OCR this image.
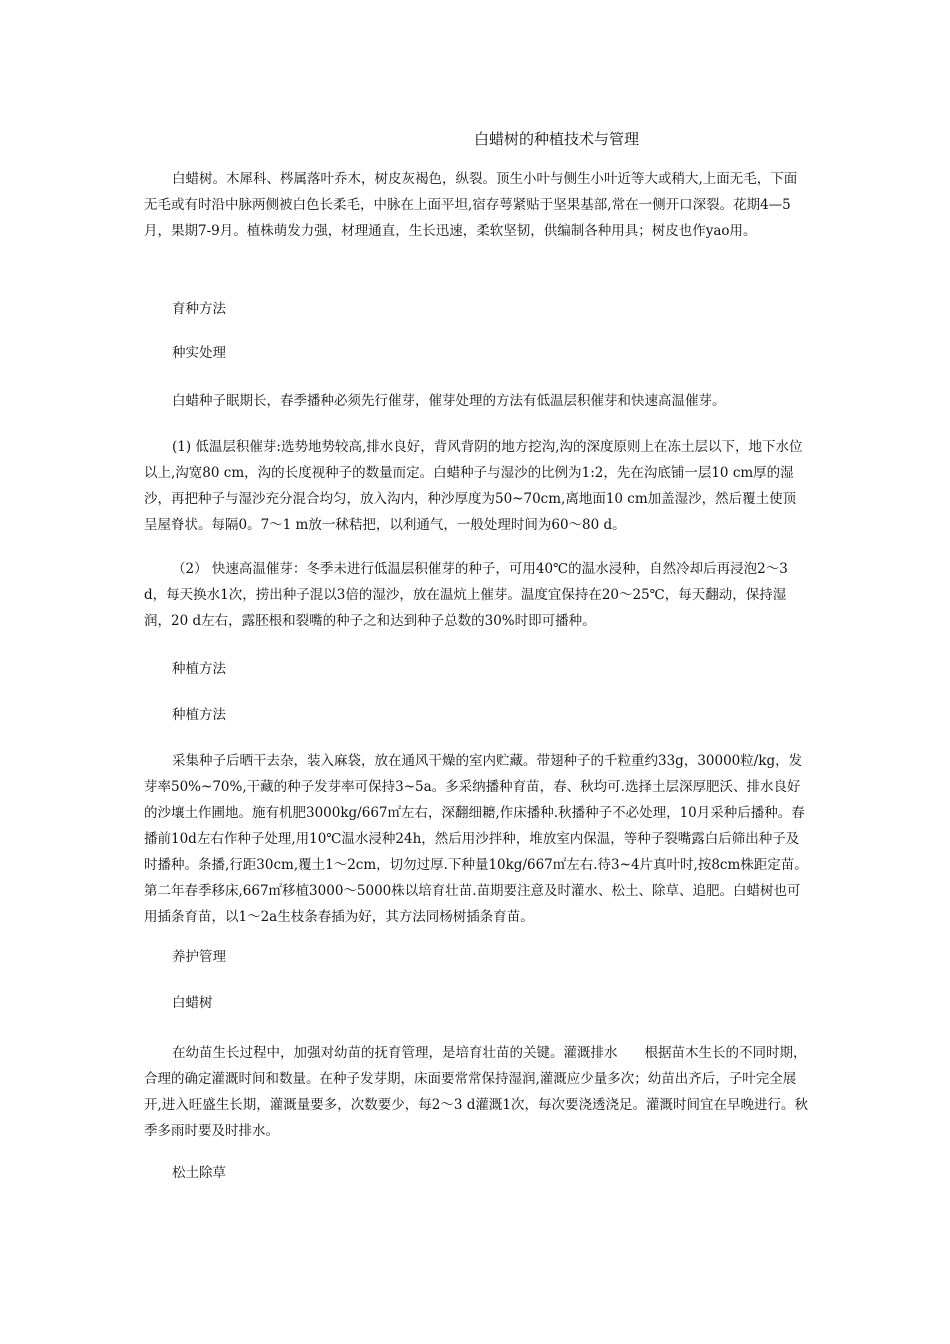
白蜡树的种植技术与管理

白蜡树。木犀科、梣属落叶乔木，树皮灰褐色，纵裂。顶生小叶与侧生小叶近等大或稍大,上面无毛，下面无毛或有时沿中脉两侧被白色长柔毛，中脉在上面平坦,宿存萼紧贴于坚果基部,常在一侧开口深裂。花期4—5月，果期7-9月。植株萌发力强，材理通直，生长迅速，柔软坚韧，供编制各种用具；树皮也作yao用。

育种方法
种实处理

白蜡种子眠期长，春季播种必须先行催芽，催芽处理的方法有低温层积催芽和快速高温催芽。

(1) 低温层积催芽:选势地势较高,排水良好，背风背阴的地方挖沟,沟的深度原则上在冻土层以下，地下水位以上,沟宽80 cm，沟的长度视种子的数量而定。白蜡种子与湿沙的比例为1:2，先在沟底铺一层10 cm厚的湿沙，再把种子与湿沙充分混合均匀，放入沟内，种沙厚度为50~70cm,离地面10 cm加盖湿沙，然后覆土使顶呈屋脊状。每隔0。7～1 m放一秫秸把，以利通气，一般处理时间为60～80 d。

（2） 快速高温催芽：冬季未进行低温层积催芽的种子，可用40℃的温水浸种，自然冷却后再浸泡2～3 d，每天换水1次，捞出种子混以3倍的湿沙，放在温炕上催芽。温度宜保持在20～25℃，每天翻动，保持湿润，20 d左右，露胚根和裂嘴的种子之和达到种子总数的30%时即可播种。

种植方法
种植方法

采集种子后晒干去杂，装入麻袋，放在通风干燥的室内贮藏。带翅种子的千粒重约33g，30000粒/kg，发芽率50%~70%,干藏的种子发芽率可保持3~5a。多采纳播种育苗，春、秋均可.选择土层深厚肥沃、排水良好的沙壤土作圃地。施有机肥3000kg/667㎡左右，深翻细耱,作床播种.秋播种子不必处理，10月采种后播种。春播前10d左右作种子处理,用10℃温水浸种24h，然后用沙拌种，堆放室内保温，等种子裂嘴露白后筛出种子及时播种。条播,行距30cm,覆土1～2cm，切勿过厚.下种量10kg/667㎡左右.待3~4片真叶时,按8cm株距定苗。第二年春季移床,667㎡移植3000～5000株以培育壮苗.苗期要注意及时灌水、松土、除草、追肥。白蜡树也可用插条育苗，以1～2a生枝条春插为好，其方法同杨树插条育苗。

养护管理
白蜡树

在幼苗生长过程中，加强对幼苗的抚育管理，是培育壮苗的关键。灌溉排水　　根据苗木生长的不同时期，合理的确定灌溉时间和数量。在种子发芽期，床面要常常保持湿润,灌溉应少量多次；幼苗出齐后，子叶完全展开,进入旺盛生长期，灌溉量要多，次数要少，每2～3 d灌溉1次，每次要浇透浇足。灌溉时间宜在早晚进行。秋季多雨时要及时排水。

松土除草
